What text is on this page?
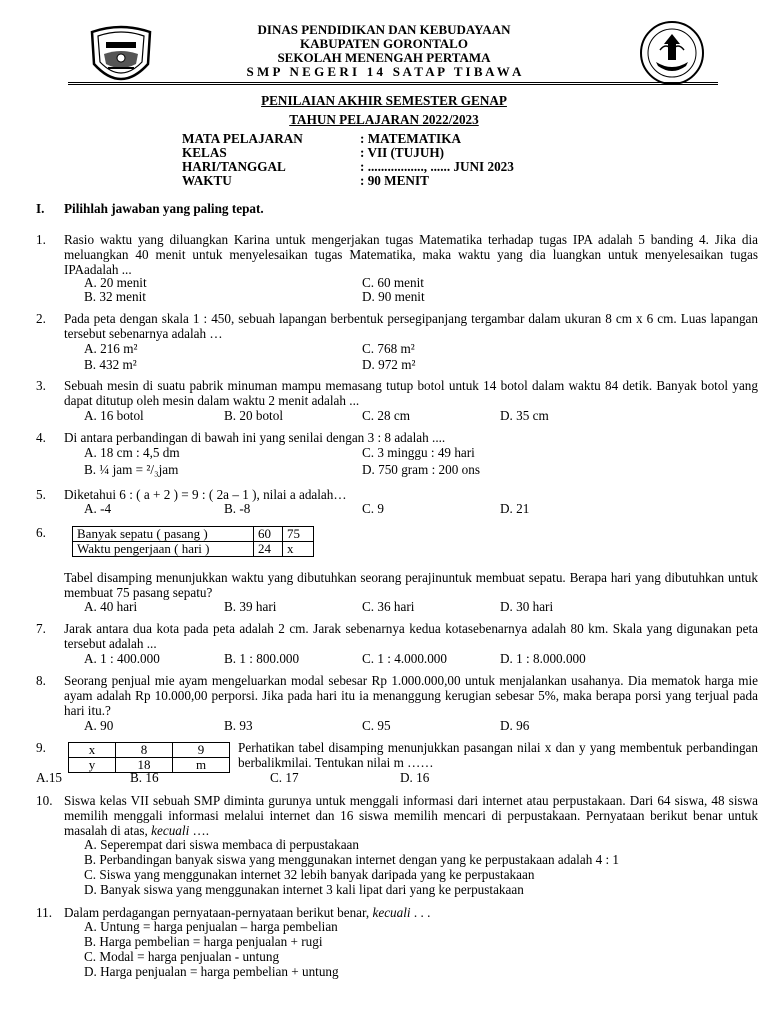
DINAS PENDIDIKAN DAN KEBUDAYAAN
KABUPATEN GORONTALO
SEKOLAH MENENGAH PERTAMA
S M P   N E G E R I   1 4   S A T A P   T I B A W A
PENILAIAN AKHIR SEMESTER GENAP
TAHUN PELAJARAN 2022/2023
MATA PELAJARAN	: MATEMATIKA
KELAS	: VII (TUJUH)
HARI/TANGGAL	: ................., ...... JUNI 2023
WAKTU	: 90 MENIT
I. Pilihlah jawaban yang paling tepat.
1. Rasio waktu yang diluangkan Karina untuk mengerjakan tugas Matematika terhadap tugas IPA adalah 5 banding 4. Jika dia meluangkan 40 menit untuk menyelesaikan tugas Matematika, maka waktu yang dia luangkan untuk menyelesaikan tugas IPAadalah ...
A. 20 menit	C. 60 menit
B. 32 menit	D. 90 menit
2. Pada peta dengan skala 1 : 450, sebuah lapangan berbentuk persegipanjang tergambar dalam ukuran 8 cm x 6 cm. Luas lapangan tersebut sebenarnya adalah …
A. 216 m²	C. 768 m²
B. 432 m²	D. 972 m²
3. Sebuah mesin di suatu pabrik minuman mampu memasang tutup botol untuk 14 botol dalam waktu 84 detik. Banyak botol yang dapat ditutup oleh mesin dalam waktu 2 menit adalah ...
A. 16 botol	B. 20 botol	C. 28 cm	D. 35 cm
4. Di antara perbandingan di bawah ini yang senilai dengan 3 : 8 adalah ....
A. 18 cm : 4,5 dm	C. 3 minggu : 49 hari
B. ¼ jam = ²/₃jam	D. 750 gram : 200 ons
5. Diketahui 6 : ( a + 2 ) = 9 : ( 2a – 1 ), nilai a adalah…
A. -4	B. -8	C. 9	D. 21
6. Banyak sepatu ( pasang )	60	75
Waktu pengerjaan ( hari )	24	x
Tabel disamping menunjukkan waktu yang dibutuhkan seorang perajinuntuk membuat sepatu. Berapa hari yang dibutuhkan untuk membuat 75 pasang sepatu?
A. 40 hari	B. 39 hari	C. 36 hari	D. 30 hari
7. Jarak antara dua kota pada peta adalah 2 cm. Jarak sebenarnya kedua kotasebenarnya adalah 80 km. Skala yang digunakan peta tersebut adalah ...
A. 1 : 400.000	B. 1 : 800.000	C. 1 : 4.000.000	D. 1 : 8.000.000
8. Seorang penjual mie ayam mengeluarkan modal sebesar Rp 1.000.000,00 untuk menjalankan usahanya. Dia mematok harga mie ayam adalah Rp 10.000,00 perporsi. Jika pada hari itu ia menanggung kerugian sebesar 5%, maka berapa porsi yang terjual pada hari itu.?
A. 90	B. 93	C. 95	D. 96
9.	x	8	9
y	18	m
Perhatikan tabel disamping menunjukkan pasangan nilai x dan y yang membentuk perbandingan berbalikmilai. Tentukan nilai m ……
A.15	B. 16	C. 17	D. 16
10. Siswa kelas VII sebuah SMP diminta gurunya untuk menggali informasi dari internet atau perpustakaan. Dari 64 siswa, 48 siswa memilih menggali informasi melalui internet dan 16 siswa memilih mencari di perpustakaan. Pernyataan berikut benar untuk masalah di atas, kecuali ….
A. Seperempat dari siswa membaca di perpustakaan
B. Perbandingan banyak siswa yang menggunakan internet dengan yang ke perpustakaan adalah 4 : 1
C. Siswa yang menggunakan internet 32 lebih banyak daripada yang ke perpustakaan
D. Banyak siswa yang menggunakan internet 3 kali lipat dari yang ke perpustakaan
11. Dalam perdagangan pernyataan-pernyataan berikut benar, kecuali . . .
A. Untung = harga penjualan – harga pembelian
B. Harga pembelian = harga penjualan + rugi
C. Modal = harga penjualan - untung
D. Harga penjualan = harga pembelian + untung
